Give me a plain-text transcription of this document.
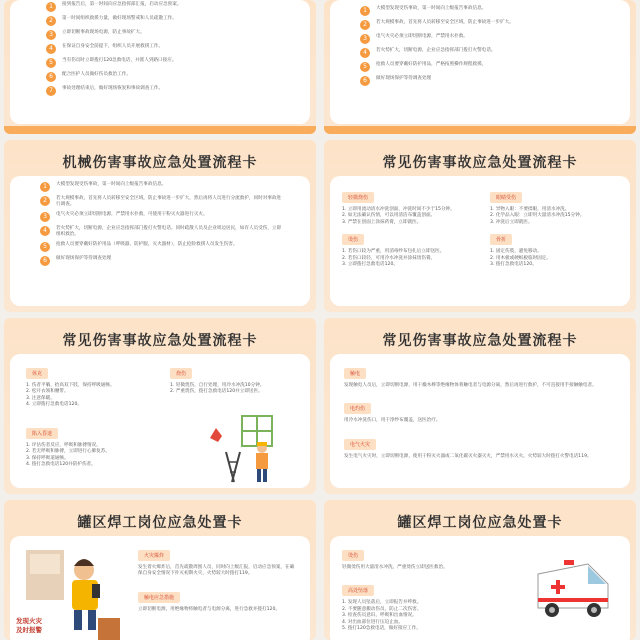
1	接到报告后，第一时间向应急指挥部汇报，启动应急预案。
2	第一时间组织救援力量，做好现场警戒和人员疏散工作。
3	立即切断事故现场电源，防止事故扩大。
4	在保证自身安全前提下，组织人员开展救援工作。
5	当有伤员时立即拨打120急救电话，并派人到路口接应。
6	配合医护人员做好伤员救治工作。
7	事故处理结束后，做好现场恢复和事故调查工作。
1	大模型发现受伤事故，第一时间向上级报告事故信息。
2	若大规模事故，首先将人员转移至安全区域，防止事故进一步扩大。
3	电气火灾必须立即切断电源，严禁用水扑救。
4	若火势扩大，切断电源，企业应急指挥部门拨打火警电话。
5	抢救人员要穿戴好防护用品，严格按照操作规程救援。
6	做好现场保护等待调查处理
机械伤害事故应急处置流程卡
1	大模型发现受伤事故，第一时间向上级报告事故信息。
2	若大规模事故，首先将人员转移至安全区域，防止事故进一步扩大，然后再将人员进行分流救护，同时对事故进行调查。
3	电气火灾必须立即切断电源，严禁用水扑救，可使用干粉灭火器进行灭火。
4	若火势扩大，切断电源，企业应急指挥部门拨打火警电话。同时疏散人员及企业周边居民，如有人员受伤，立即组织救治。
5	抢救人员要穿戴好防护用品（呼吸器、防护服、灭火器材），防止抢险救援人员发生伤害。
6	做好现场保护等待调查处理
常见伤害事故应急处置流程卡
轻微烧伤
1. 立即用流动清水冲洗创面，冲洗时间不少于15分钟。
2. 如无法确认伤情，可以用清洁布覆盖创面。
3. 严禁在创面上涂抹药膏，立即就医。
烫伤
1. 若伤口较为严重，用消毒纱布包扎后立即送医。
2. 若伤口较轻，可用冷水冲洗并涂抹烫伤膏。
3. 立即拨打急救电话120。
眼睛受伤
1. 异物入眼：不要揉眼，用清水冲洗。
2. 化学品入眼：立即用大量清水冲洗15分钟。
3. 冲洗后立即就医。
骨折
1. 固定伤肢，避免移动。
2. 用木板或硬纸板临时固定。
3. 拨打急救电话120。
常见伤害事故应急处置流程卡
休克
1. 伤者平躺，抬高双下肢，保持呼吸通畅。
2. 松开衣领和腰带。
3. 注意保暖。
4. 立即拨打急救电话120。
烧伤
1. 轻微烧伤，自行处理，用冷水冲洗10分钟。
2. 严重烧伤，拨打急救电话120并立即送医。
陷入昏迷
1. 评估伤者反应，呼吸和脉搏情况。
2. 若无呼吸和脉搏，立即进行心肺复苏。
3. 保持呼吸道通畅。
4. 拨打急救电话120并陪护伤者。
常见伤害事故应急处置流程卡
触电
发现触电人员后，立即切断电源，用干燥木棒等绝缘物体将触电者与电源分离，然后再进行救护，不可直接用手接触触电者。
电灼伤
用冷水冲洗伤口，用干净纱布覆盖，送医治疗。
电气火灾
发生电气火灾时，立即切断电源，使用干粉灭火器或二氧化碳灭火器灭火，严禁用水灭火。火势较大时拨打火警电话119。
罐区焊工岗位应急处置卡
发现火灾
及时报警
火灾爆炸
发生着火爆炸后，首先疏散周围人员，同时向上级汇报，启动应急预案，在确保自身安全情况下扑灭初期火灾，火势较大时拨打119。
触电应急措施
立即切断电源，用绝缘物将触电者与电源分离，进行急救并拨打120。
罐区焊工岗位应急处置卡
烫伤
轻微烫伤用大量清水冲洗，严重烫伤立即送医救治。
高处坠落
1. 发现人员坠落后，立即报告并呼救。
2. 不要随意搬动伤员，防止二次伤害。
3. 检查伤员意识、呼吸和出血情况。
4. 对出血部位进行压迫止血。
5. 拨打120急救电话，做好接应工作。
